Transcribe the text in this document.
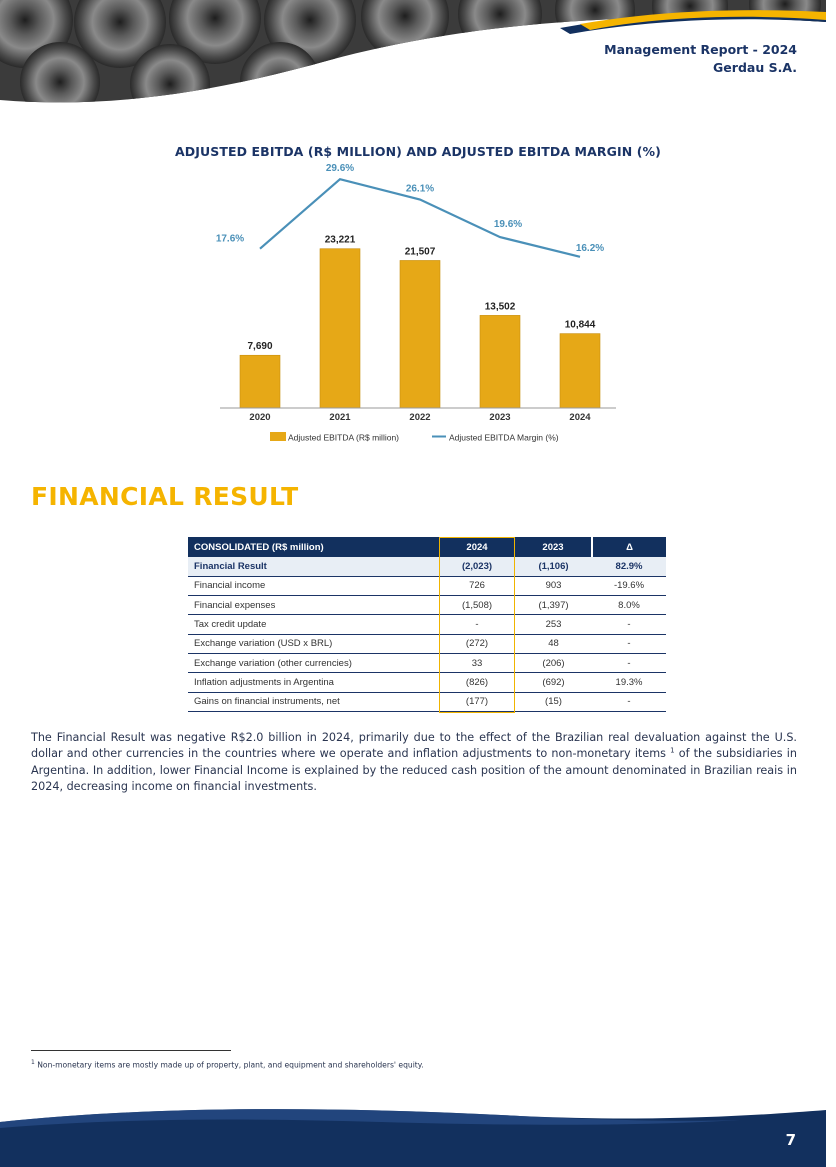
Management Report - 2024
Gerdau S.A.
ADJUSTED EBITDA (R$ MILLION) AND ADJUSTED EBITDA MARGIN (%)
7,690
23,221
21,507
13,502
10,844
2020	2021	2022	2023	2024
17.6%
29.6%
26.1%
19.6%
16.2%
Adjusted EBITDA (R$ million)	Adjusted EBITDA Margin (%)
FINANCIAL RESULT
CONSOLIDATED (R$ million)	2024	2023	Δ
Financial Result	(2,023)	(1,106)	82.9%
Financial income	726	903	-19.6%
Financial expenses	(1,508)	(1,397)	8.0%
Tax credit update	-	253	-
Exchange variation (USD x BRL)	(272)	48	-
Exchange variation (other currencies)	33	(206)	-
Inflation adjustments in Argentina	(826)	(692)	19.3%
Gains on financial instruments, net	(177)	(15)	-
The Financial Result was negative R$2.0 billion in 2024, primarily due to the effect of the Brazilian real devaluation against the U.S. dollar and other currencies in the countries where we operate and inflation adjustments to non-monetary items $^1$ of the subsidiaries in Argentina. In addition, lower Financial Income is explained by the reduced cash position of the amount denominated in Brazilian reais in 2024, decreasing income on financial investments.
$^1$ Non-monetary items are mostly made up of property, plant, and equipment and shareholders' equity.
7
